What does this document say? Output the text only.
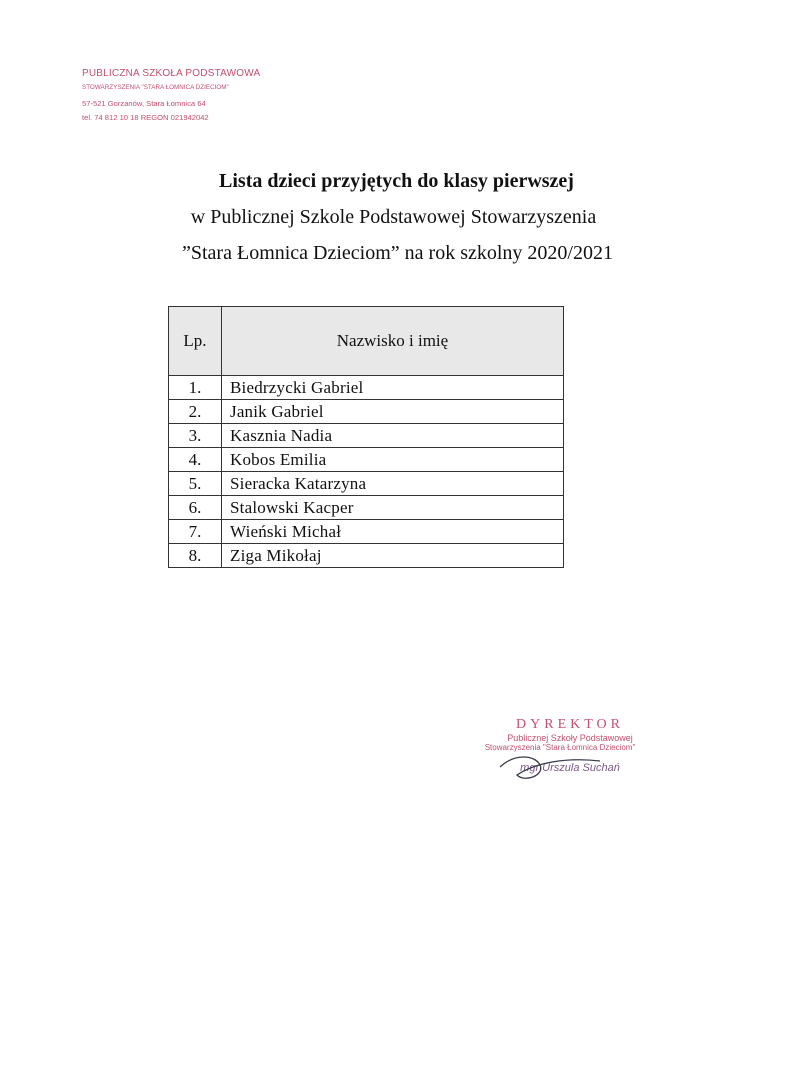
PUBLICZNA SZKOŁA PODSTAWOWA
STOWARZYSZENIA "STARA ŁOMNICA DZIECIOM"
57-521 Gorzanów, Stara Łomnica 64
tel. 74 812 10 18 REGON 021942042
Lista dzieci przyjętych do klasy pierwszej
w Publicznej Szkole Podstawowej Stowarzyszenia
”Stara Łomnica Dzieciom” na rok szkolny 2020/2021
Lp.	Nazwisko i imię
1.	Biedrzycki Gabriel
2.	Janik Gabriel
3.	Kasznia Nadia
4.	Kobos Emilia
5.	Sieracka Katarzyna
6.	Stalowski Kacper
7.	Wieński Michał
8.	Ziga Mikołaj
DYREKTOR
Publicznej Szkoły Podstawowej
Stowarzyszenia "Stara Łomnica Dzieciom"
mgr Urszula Suchań
